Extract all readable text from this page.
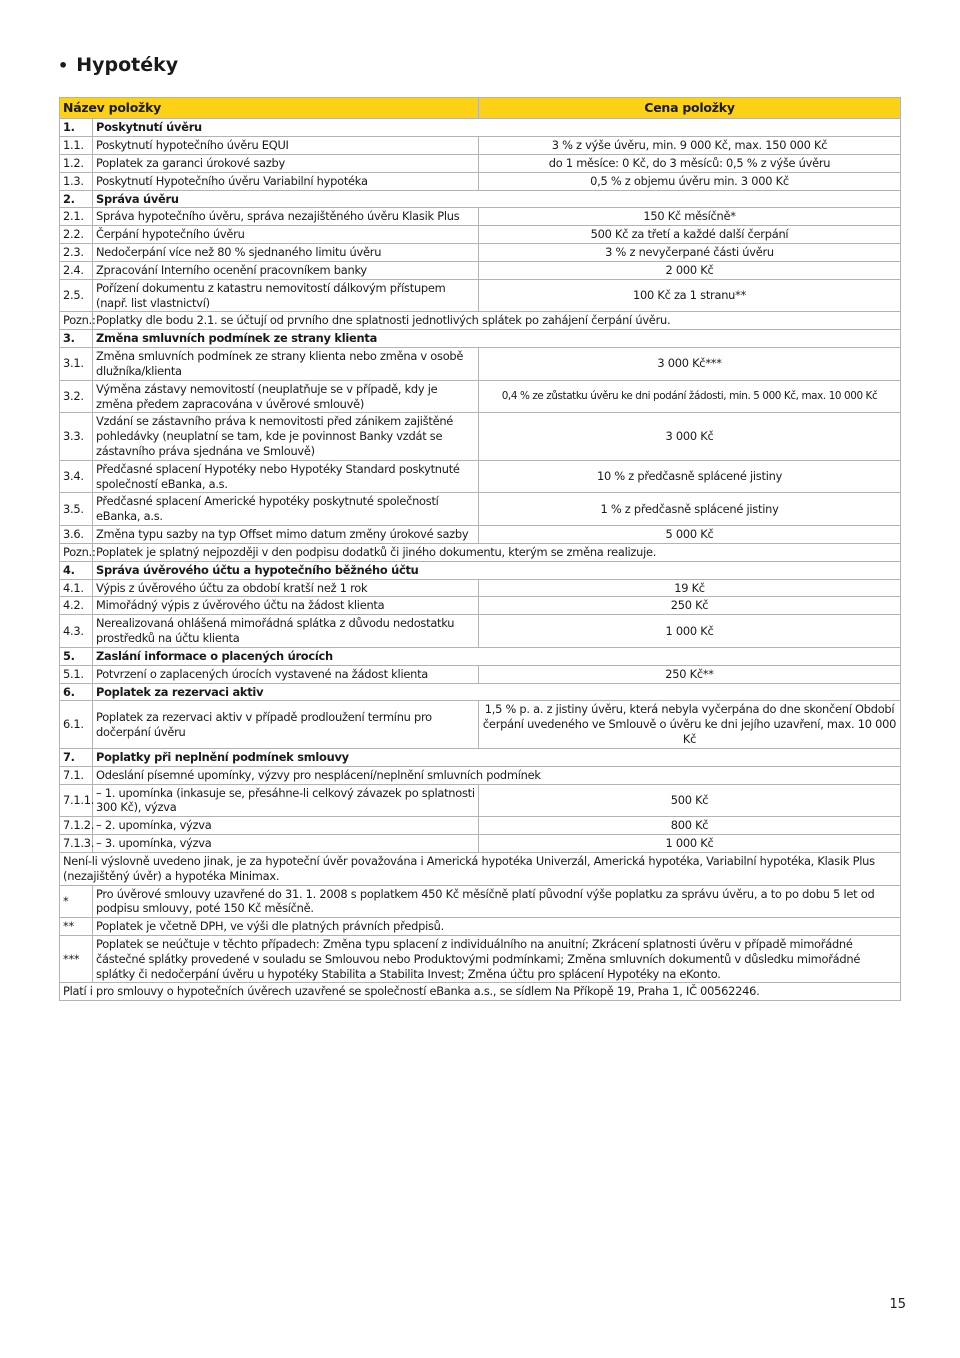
• Hypotéky
Název položky		Cena položky
1.	Poskytnutí úvěru	
1.1.	Poskytnutí hypotečního úvěru EQUI	3 % z výše úvěru, min. 9 000 Kč, max. 150 000 Kč
1.2.	Poplatek za garanci úrokové sazby	do 1 měsíce: 0 Kč, do 3 měsíců: 0,5 % z výše úvěru
1.3.	Poskytnutí Hypotečního úvěru Variabilní hypotéka	0,5 % z objemu úvěru min. 3 000 Kč
2.	Správa úvěru	
2.1.	Správa hypotečního úvěru, správa nezajištěného úvěru Klasik Plus	150 Kč měsíčně*
2.2.	Čerpání hypotečního úvěru	500 Kč za třetí a každé další čerpání
2.3.	Nedočerpání více než 80 % sjednaného limitu úvěru	3 % z nevyčerpané části úvěru
2.4.	Zpracování Interního ocenění pracovníkem banky	2 000 Kč
2.5.	Pořízení dokumentu z katastru nemovitostí dálkovým přístupem (např. list vlastnictví)	100 Kč za 1 stranu**
Pozn.:	Poplatky dle bodu 2.1. se účtují od prvního dne splatnosti jednotlivých splátek po zahájení čerpání úvěru.	
3.	Změna smluvních podmínek ze strany klienta	
3.1.	Změna smluvních podmínek ze strany klienta nebo změna v osobě dlužníka/klienta	3 000 Kč***
3.2.	Výměna zástavy nemovitostí (neuplatňuje se v případě, kdy je změna předem zapracována v úvěrové smlouvě)	0,4 % ze zůstatku úvěru ke dni podání žádosti, min. 5 000 Kč, max. 10 000 Kč
3.3.	Vzdání se zástavního práva k nemovitosti před zánikem zajištěné pohledávky (neuplatní se tam, kde je povinnost Banky vzdát se zástavního práva sjednána ve Smlouvě)	3 000 Kč
3.4.	Předčasné splacení Hypotéky nebo Hypotéky Standard poskytnuté společností eBanka, a.s.	10 % z předčasně splácené jistiny
3.5.	Předčasné splacení Americké hypotéky poskytnuté společností eBanka, a.s.	1 % z předčasně splácené jistiny
3.6.	Změna typu sazby na typ Offset mimo datum změny úrokové sazby	5 000 Kč
Pozn.:	Poplatek je splatný nejpozději v den podpisu dodatků či jiného dokumentu, kterým se změna realizuje.	
4.	Správa úvěrového účtu a hypotečního běžného účtu	
4.1.	Výpis z úvěrového účtu za období kratší než 1 rok	19 Kč
4.2.	Mimořádný výpis z úvěrového účtu na žádost klienta	250 Kč
4.3.	Nerealizovaná ohlášená mimořádná splátka z důvodu nedostatku prostředků na účtu klienta	1 000 Kč
5.	Zaslání informace o placených úrocích	
5.1.	Potvrzení o zaplacených úrocích vystavené na žádost klienta	250 Kč**
6.	Poplatek za rezervaci aktiv	
6.1.	Poplatek za rezervaci aktiv v případě prodloužení termínu pro dočerpání úvěru	1,5 % p. a. z jistiny úvěru, která nebyla vyčerpána do dne skončení Období čerpání uvedeného ve Smlouvě o úvěru ke dni jejího uzavření, max. 10 000 Kč
7.	Poplatky při neplnění podmínek smlouvy	
7.1.	Odeslání písemné upomínky, výzvy pro nesplácení/neplnění smluvních podmínek	
7.1.1.	– 1. upomínka (inkasuje se, přesáhne-li celkový závazek po splatnosti 300 Kč), výzva	500 Kč
7.1.2.	– 2. upomínka, výzva	800 Kč
7.1.3.	– 3. upomínka, výzva	1 000 Kč
Není-li výslovně uvedeno jinak, je za hypoteční úvěr považována i Americká hypotéka Univerzál, Americká hypotéka, Variabilní hypotéka, Klasik Plus (nezajištěný úvěr) a hypotéka Minimax.		
*	Pro úvěrové smlouvy uzavřené do 31. 1. 2008 s poplatkem 450 Kč měsíčně platí původní výše poplatku za správu úvěru, a to po dobu 5 let od podpisu smlouvy, poté 150 Kč měsíčně.	
**	Poplatek je včetně DPH, ve výši dle platných právních předpisů.	
***	Poplatek se neúčtuje v těchto případech: Změna typu splacení z individuálního na anuitní; Zkrácení splatnosti úvěru v případě mimořádné částečné splátky provedené v souladu se Smlouvou nebo Produktovými podmínkami; Změna smluvních dokumentů v důsledku mimořádné splátky či nedočerpání úvěru u hypotéky Stabilita a Stabilita Invest; Změna účtu pro splácení Hypotéky na eKonto.	
Platí i pro smlouvy o hypotečních úvěrech uzavřené se společností eBanka a.s., se sídlem Na Příkopě 19, Praha 1, IČ 00562246.		
15
